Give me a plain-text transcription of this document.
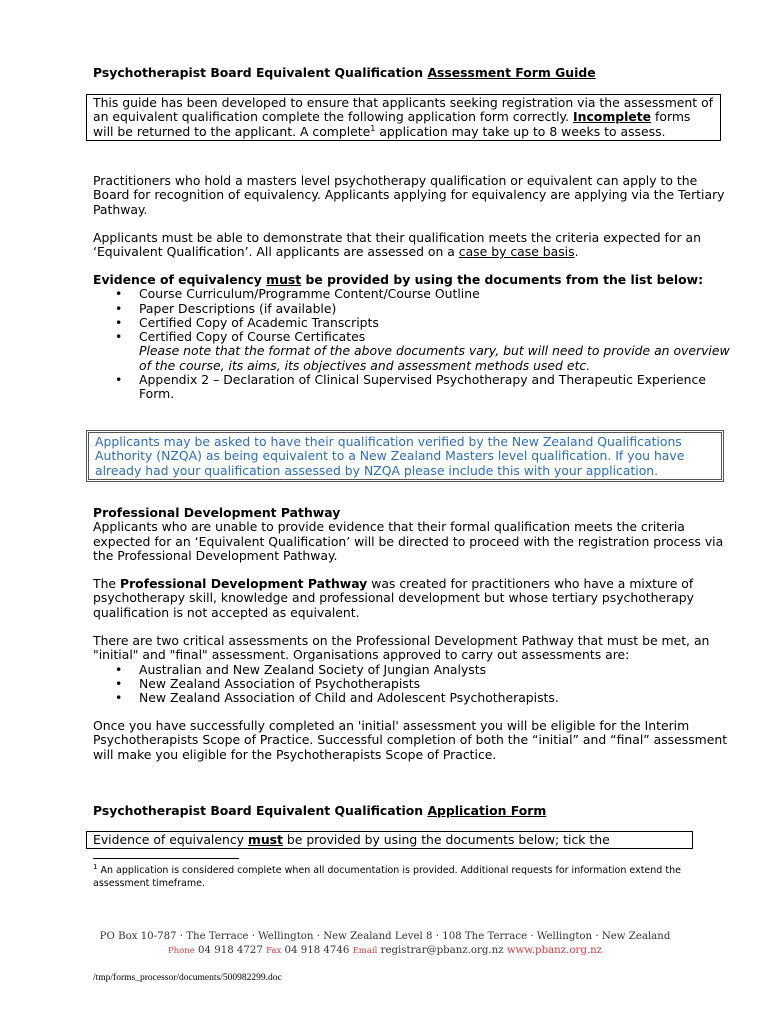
Psychotherapist Board Equivalent Qualification Assessment Form Guide
This guide has been developed to ensure that applicants seeking registration via the assessment of an equivalent qualification complete the following application form correctly. Incomplete forms will be returned to the applicant. A complete$^1$ application may take up to 8 weeks to assess.
Practitioners who hold a masters level psychotherapy qualification or equivalent can apply to the Board for recognition of equivalency. Applicants applying for equivalency are applying via the Tertiary Pathway.
Applicants must be able to demonstrate that their qualification meets the criteria expected for an ‘Equivalent Qualification’. All applicants are assessed on a case by case basis.
Evidence of equivalency must be provided by using the documents from the list below:
• Course Curriculum/Programme Content/Course Outline
• Paper Descriptions (if available)
• Certified Copy of Academic Transcripts
• Certified Copy of Course Certificates
Please note that the format of the above documents vary, but will need to provide an overview of the course, its aims, its objectives and assessment methods used etc.
• Appendix 2 – Declaration of Clinical Supervised Psychotherapy and Therapeutic Experience Form.
Applicants may be asked to have their qualification verified by the New Zealand Qualifications Authority (NZQA) as being equivalent to a New Zealand Masters level qualification. If you have already had your qualification assessed by NZQA please include this with your application.
Professional Development Pathway
Applicants who are unable to provide evidence that their formal qualification meets the criteria expected for an ‘Equivalent Qualification’ will be directed to proceed with the registration process via the Professional Development Pathway.
The Professional Development Pathway was created for practitioners who have a mixture of psychotherapy skill, knowledge and professional development but whose tertiary psychotherapy qualification is not accepted as equivalent.
There are two critical assessments on the Professional Development Pathway that must be met, an "initial" and "final" assessment. Organisations approved to carry out assessments are:
• Australian and New Zealand Society of Jungian Analysts
• New Zealand Association of Psychotherapists
• New Zealand Association of Child and Adolescent Psychotherapists.
Once you have successfully completed an 'initial' assessment you will be eligible for the Interim Psychotherapists Scope of Practice. Successful completion of both the “initial” and “final” assessment will make you eligible for the Psychotherapists Scope of Practice.
Psychotherapist Board Equivalent Qualification Application Form
Evidence of equivalency must be provided by using the documents below; tick the
$^1$ An application is considered complete when all documentation is provided. Additional requests for information extend the assessment timeframe.
PO Box 10-787 · The Terrace · Wellington · New Zealand Level 8 · 108 The Terrace · Wellington · New Zealand
Phone 04 918 4727 Fax 04 918 4746 Email registrar@pbanz.org.nz www.pbanz.org.nz
/tmp/forms_processor/documents/500982299.doc
